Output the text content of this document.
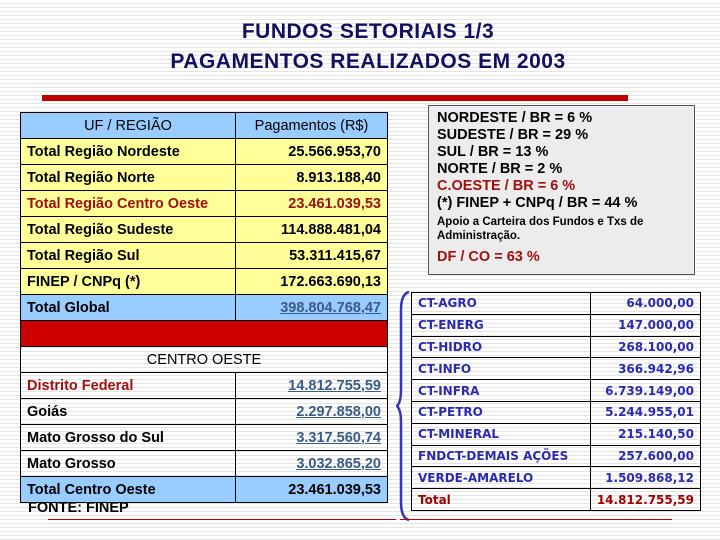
FUNDOS SETORIAIS 1/3
PAGAMENTOS REALIZADOS EM 2003
UF / REGIÃO	Pagamentos (R$)
Total Região Nordeste	25.566.953,70
Total Região Norte	8.913.188,40
Total Região Centro Oeste	23.461.039,53
Total Região Sudeste	114.888.481,04
Total Região Sul	53.311.415,67
FINEP / CNPq (*)	172.663.690,13
Total Global	398.804.768,47

CENTRO OESTE	
Distrito Federal	14.812.755,59
Goiás	2.297.858,00
Mato Grosso do Sul	3.317.560,74
Mato Grosso	3.032.865,20
Total Centro Oeste	23.461.039,53
FONTE: FINEP
NORDESTE / BR = 6 %
SUDESTE / BR = 29 %
SUL / BR = 13 %
NORTE / BR = 2 %
C.OESTE / BR = 6 %
(*) FINEP + CNPq / BR = 44 %
Apoio a Carteira dos Fundos e Txs de Administração.
DF / CO = 63 %
CT-AGRO	64.000,00
CT-ENERG	147.000,00
CT-HIDRO	268.100,00
CT-INFO	366.942,96
CT-INFRA	6.739.149,00
CT-PETRO	5.244.955,01
CT-MINERAL	215.140,50
FNDCT-DEMAIS AÇÕES	257.600,00
VERDE-AMARELO	1.509.868,12
Total	14.812.755,59
